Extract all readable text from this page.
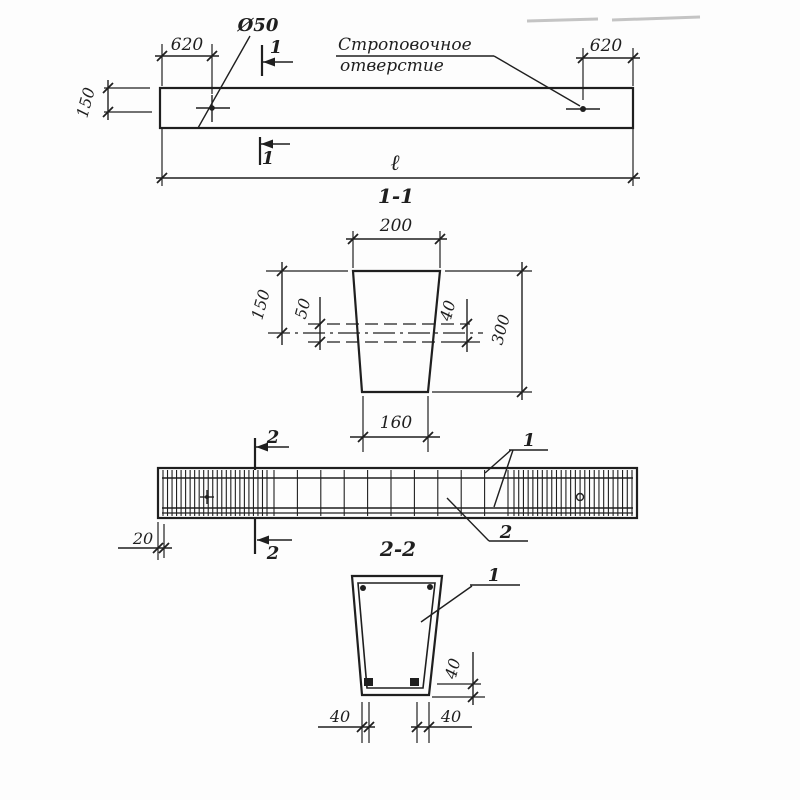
Ø50
Строповочное
отверстие
620	620
150
1
1	ℓ
1-1
200
150 50	40
300
160
2
2
20
1
2
2-2
1
40
40	40
